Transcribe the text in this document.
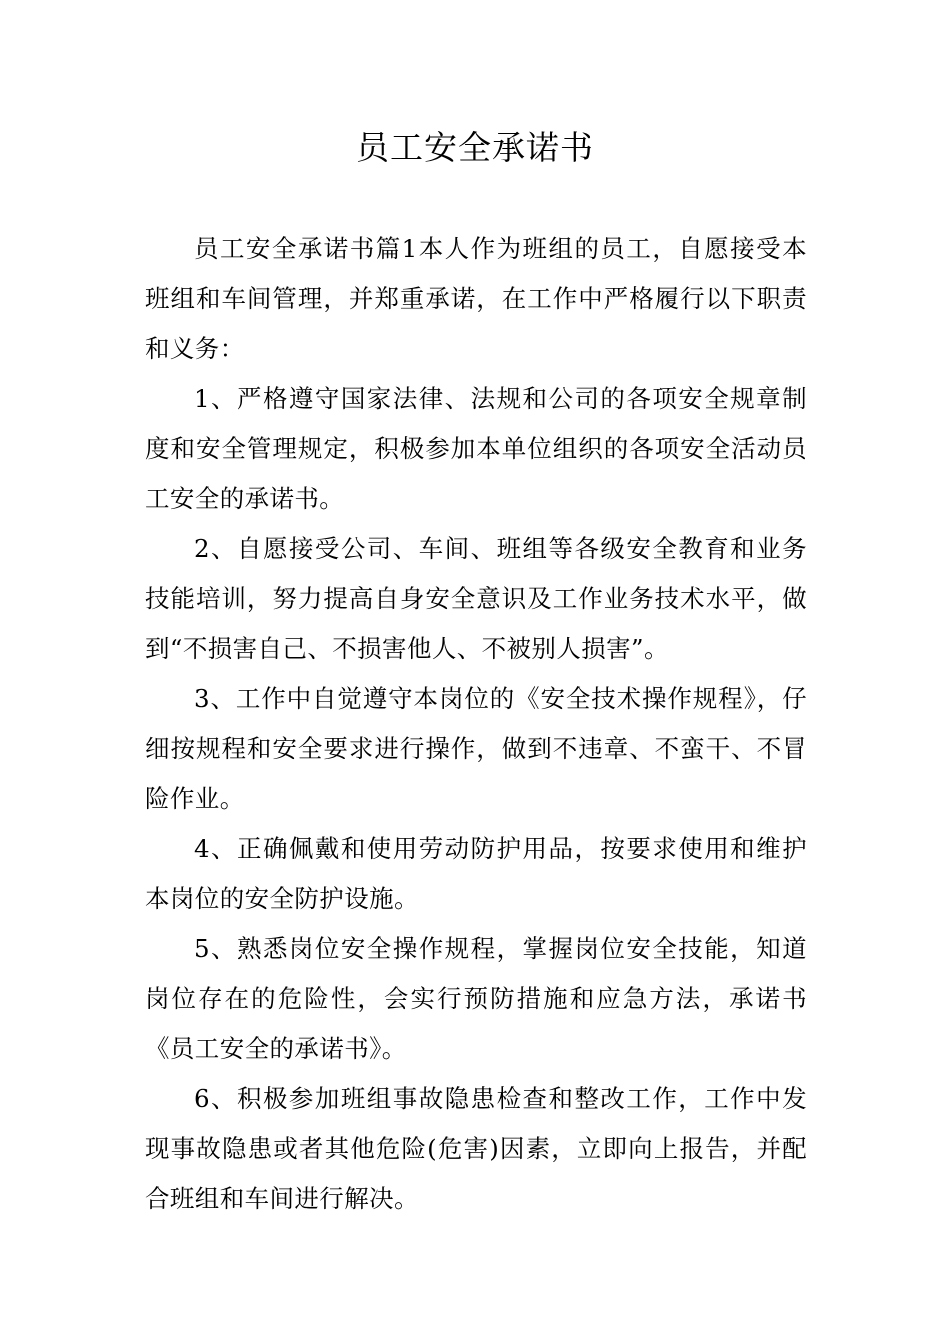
员工安全承诺书

员工安全承诺书篇1本人作为班组的员工，自愿接受本班组和车间管理，并郑重承诺，在工作中严格履行以下职责和义务：

1、严格遵守国家法律、法规和公司的各项安全规章制度和安全管理规定，积极参加本单位组织的各项安全活动员工安全的承诺书。

2、自愿接受公司、车间、班组等各级安全教育和业务技能培训，努力提高自身安全意识及工作业务技术水平，做到“不损害自己、不损害他人、不被别人损害”。

3、工作中自觉遵守本岗位的《安全技术操作规程》，仔细按规程和安全要求进行操作，做到不违章、不蛮干、不冒险作业。

4、正确佩戴和使用劳动防护用品，按要求使用和维护本岗位的安全防护设施。

5、熟悉岗位安全操作规程，掌握岗位安全技能，知道岗位存在的危险性，会实行预防措施和应急方法，承诺书《员工安全的承诺书》。

6、积极参加班组事故隐患检查和整改工作，工作中发现事故隐患或者其他危险(危害)因素，立即向上报告，并配合班组和车间进行解决。
